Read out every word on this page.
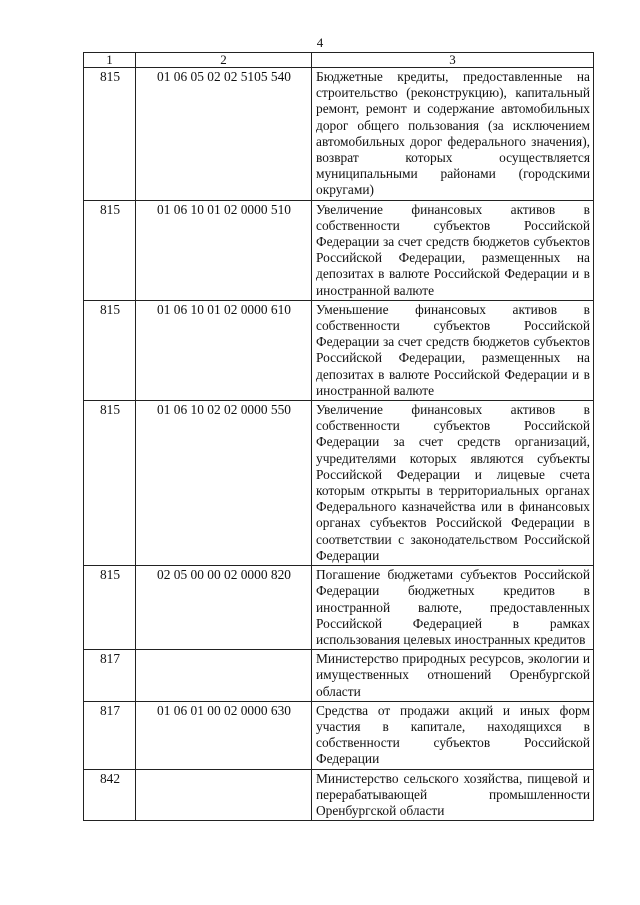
4
1	2	3
815	01 06 05 02 02 5105 540	Бюджетные кредиты, предоставленные на строительство (реконструкцию), капитальный ремонт, ремонт и содержание автомобильных дорог общего пользования (за исключением автомобильных дорог федерального значения), возврат которых осуществляется муниципальными районами (городскими округами)
815	01 06 10 01 02 0000 510	Увеличение финансовых активов в собственности субъектов Российской Федерации за счет средств бюджетов субъектов Российской Федерации, размещенных на депозитах в валюте Российской Федерации и в иностранной валюте
815	01 06 10 01 02 0000 610	Уменьшение финансовых активов в собственности субъектов Российской Федерации за счет средств бюджетов субъектов Российской Федерации, размещенных на депозитах в валюте Российской Федерации и в иностранной валюте
815	01 06 10 02 02 0000 550	Увеличение финансовых активов в собственности субъектов Российской Федерации за счет средств организаций, учредителями которых являются субъекты Российской Федерации и лицевые счета которым открыты в территориальных органах Федерального казначейства или в финансовых органах субъектов Российской Федерации в соответствии с законодательством Российской Федерации
815	02 05 00 00 02 0000 820	Погашение бюджетами субъектов Российской Федерации бюджетных кредитов в иностранной валюте, предоставленных Российской Федерацией в рамках использования целевых иностранных кредитов
817		Министерство природных ресурсов, экологии и имущественных отношений Оренбургской области
817	01 06 01 00 02 0000 630	Средства от продажи акций и иных форм участия в капитале, находящихся в собственности субъектов Российской Федерации
842		Министерство сельского хозяйства, пищевой и перерабатывающей промышленности Оренбургской области
